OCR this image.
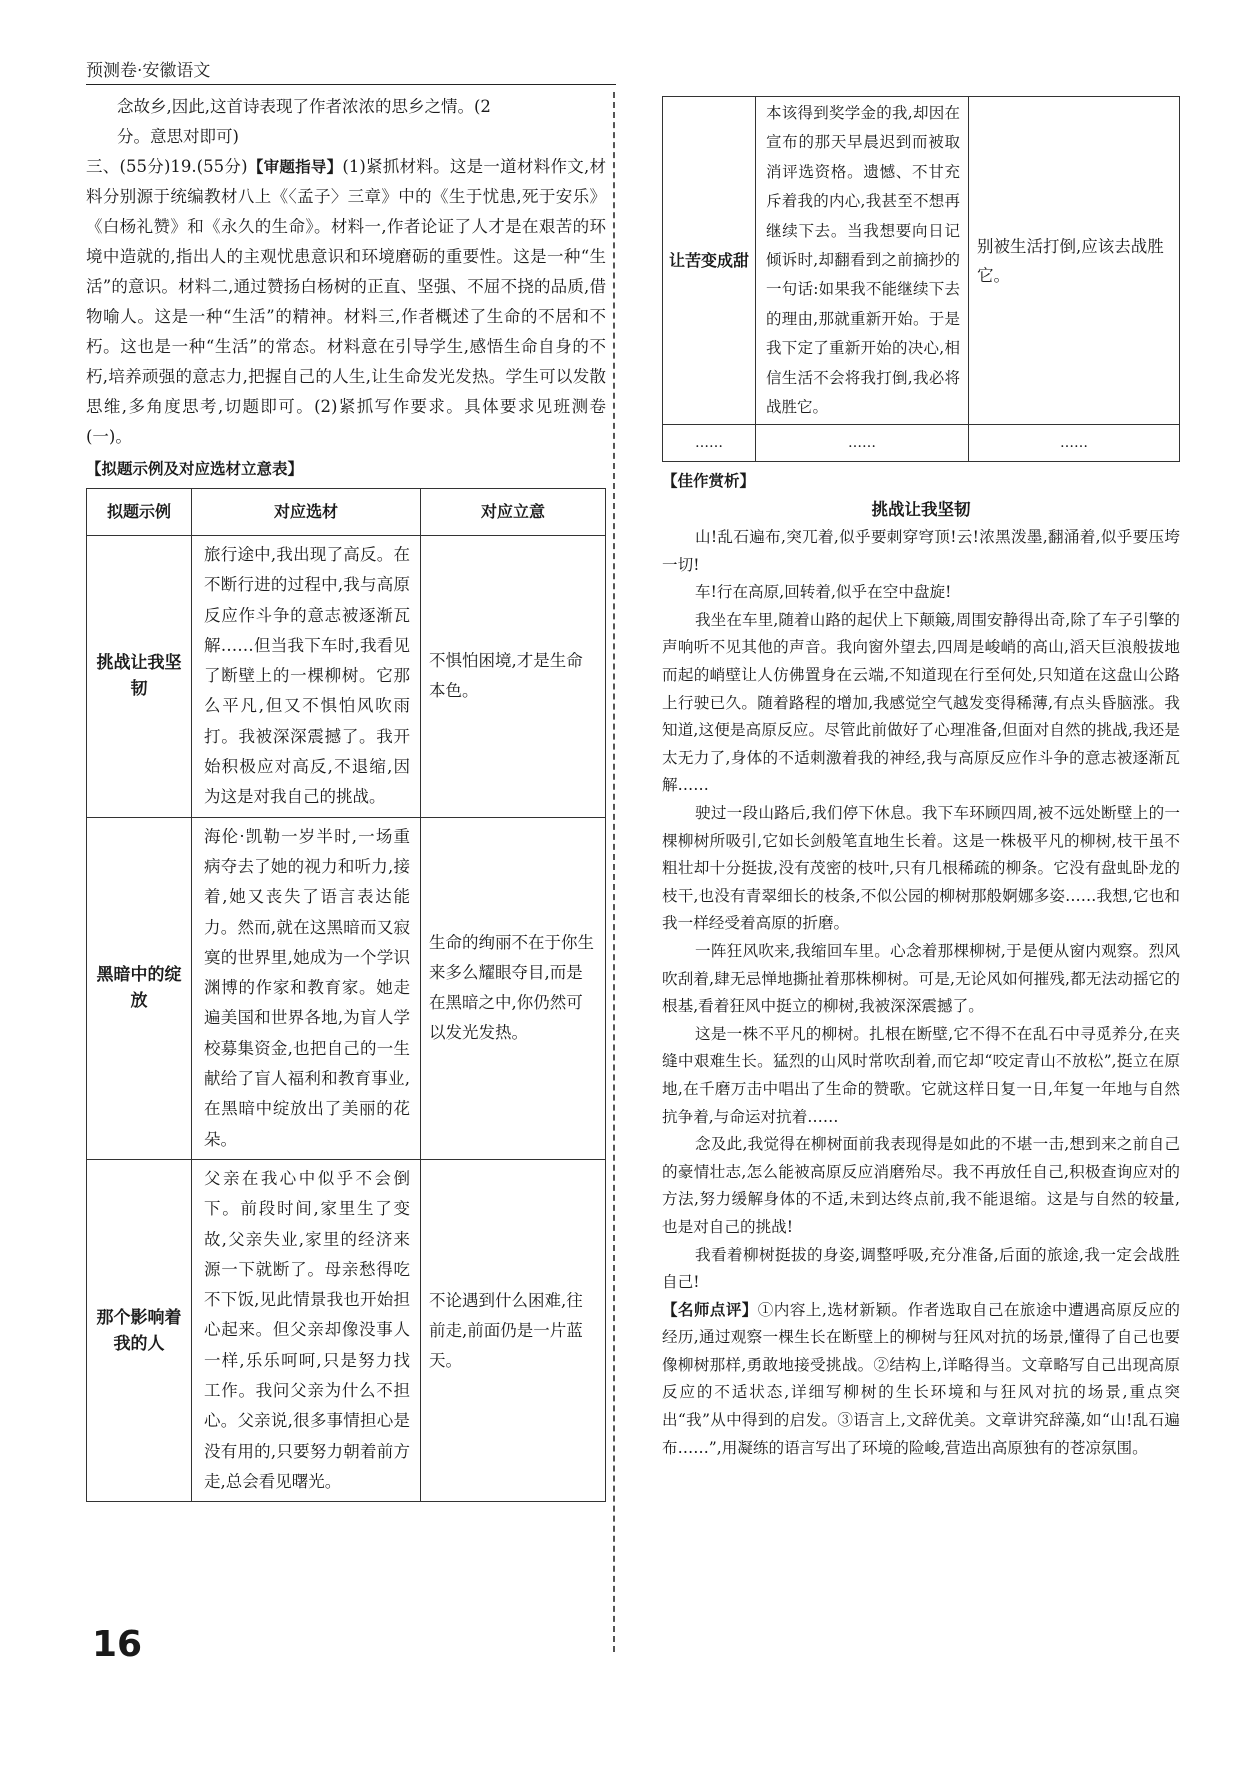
预测卷·安徽语文

念故乡,因此,这首诗表现了作者浓浓的思乡之情。(2

分。意思对即可)

三、(55分)19.(55分)【审题指导】(1)紧抓材料。这是一道材料作文,材料分别源于统编教材八上《〈孟子〉三章》中的《生于忧患,死于安乐》《白杨礼赞》和《永久的生命》。材料一,作者论证了人才是在艰苦的环境中造就的,指出人的主观忧患意识和环境磨砺的重要性。这是一种“生活”的意识。材料二,通过赞扬白杨树的正直、坚强、不屈不挠的品质,借物喻人。这是一种“生活”的精神。材料三,作者概述了生命的不居和不朽。这也是一种“生活”的常态。材料意在引导学生,感悟生命自身的不朽,培养顽强的意志力,把握自己的人生,让生命发光发热。学生可以发散思维,多角度思考,切题即可。(2)紧抓写作要求。具体要求见班测卷(一)。

【拟题示例及对应选材立意表】
拟题示例	对应选材	对应立意
挑战让我坚韧	旅行途中,我出现了高反。在不断行进的过程中,我与高原反应作斗争的意志被逐渐瓦解……但当我下车时,我看见了断壁上的一棵柳树。它那么平凡,但又不惧怕风吹雨打。我被深深震撼了。我开始积极应对高反,不退缩,因为这是对我自己的挑战。	不惧怕困境,才是生命本色。
黑暗中的绽放	海伦·凯勒一岁半时,一场重病夺去了她的视力和听力,接着,她又丧失了语言表达能力。然而,就在这黑暗而又寂寞的世界里,她成为一个学识渊博的作家和教育家。她走遍美国和世界各地,为盲人学校募集资金,也把自己的一生献给了盲人福利和教育事业,在黑暗中绽放出了美丽的花朵。	生命的绚丽不在于你生来多么耀眼夺目,而是在黑暗之中,你仍然可以发光发热。
那个影响着我的人	父亲在我心中似乎不会倒下。前段时间,家里生了变故,父亲失业,家里的经济来源一下就断了。母亲愁得吃不下饭,见此情景我也开始担心起来。但父亲却像没事人一样,乐乐呵呵,只是努力找工作。我问父亲为什么不担心。父亲说,很多事情担心是没有用的,只要努力朝着前方走,总会看见曙光。	不论遇到什么困难,往前走,前面仍是一片蓝天。
让苦变成甜	本该得到奖学金的我,却因在宣布的那天早晨迟到而被取消评选资格。遗憾、不甘充斥着我的内心,我甚至不想再继续下去。当我想要向日记倾诉时,却翻看到之前摘抄的一句话:如果我不能继续下去的理由,那就重新开始。于是我下定了重新开始的决心,相信生活不会将我打倒,我必将战胜它。	别被生活打倒,应该去战胜它。
……	……	……
【佳作赏析】
挑战让我坚韧

山!乱石遍布,突兀着,似乎要刺穿穹顶!云!浓黑泼墨,翻涌着,似乎要压垮一切!

车!行在高原,回转着,似乎在空中盘旋!

我坐在车里,随着山路的起伏上下颠簸,周围安静得出奇,除了车子引擎的声响听不见其他的声音。我向窗外望去,四周是峻峭的高山,滔天巨浪般拔地而起的峭壁让人仿佛置身在云端,不知道现在行至何处,只知道在这盘山公路上行驶已久。随着路程的增加,我感觉空气越发变得稀薄,有点头昏脑涨。我知道,这便是高原反应。尽管此前做好了心理准备,但面对自然的挑战,我还是太无力了,身体的不适刺激着我的神经,我与高原反应作斗争的意志被逐渐瓦解……

驶过一段山路后,我们停下休息。我下车环顾四周,被不远处断壁上的一棵柳树所吸引,它如长剑般笔直地生长着。这是一株极平凡的柳树,枝干虽不粗壮却十分挺拔,没有茂密的枝叶,只有几根稀疏的柳条。它没有盘虬卧龙的枝干,也没有青翠细长的枝条,不似公园的柳树那般婀娜多姿……我想,它也和我一样经受着高原的折磨。

一阵狂风吹来,我缩回车里。心念着那棵柳树,于是便从窗内观察。烈风吹刮着,肆无忌惮地撕扯着那株柳树。可是,无论风如何摧残,都无法动摇它的根基,看着狂风中挺立的柳树,我被深深震撼了。

这是一株不平凡的柳树。扎根在断壁,它不得不在乱石中寻觅养分,在夹缝中艰难生长。猛烈的山风时常吹刮着,而它却“咬定青山不放松”,挺立在原地,在千磨万击中唱出了生命的赞歌。它就这样日复一日,年复一年地与自然抗争着,与命运对抗着……

念及此,我觉得在柳树面前我表现得是如此的不堪一击,想到来之前自己的豪情壮志,怎么能被高原反应消磨殆尽。我不再放任自己,积极查询应对的方法,努力缓解身体的不适,未到达终点前,我不能退缩。这是与自然的较量,也是对自己的挑战!

我看着柳树挺拔的身姿,调整呼吸,充分准备,后面的旅途,我一定会战胜自己!

【名师点评】①内容上,选材新颖。作者选取自己在旅途中遭遇高原反应的经历,通过观察一棵生长在断壁上的柳树与狂风对抗的场景,懂得了自己也要像柳树那样,勇敢地接受挑战。②结构上,详略得当。文章略写自己出现高原反应的不适状态,详细写柳树的生长环境和与狂风对抗的场景,重点突出“我”从中得到的启发。③语言上,文辞优美。文章讲究辞藻,如“山!乱石遍布……”,用凝练的语言写出了环境的险峻,营造出高原独有的苍凉氛围。

16
